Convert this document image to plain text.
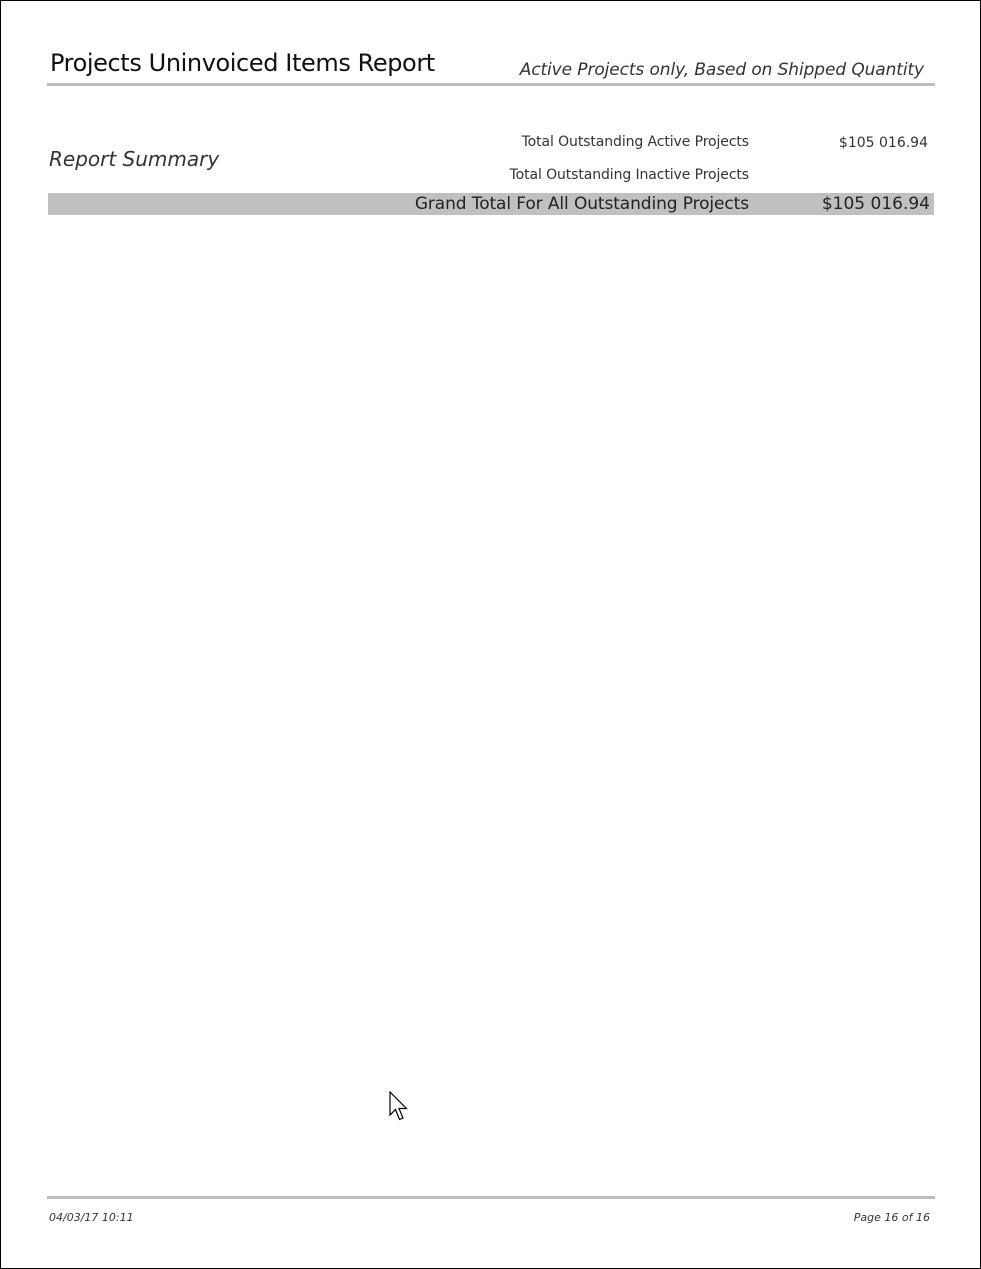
Projects Uninvoiced Items Report	Active Projects only, Based on Shipped Quantity
Report Summary
Total Outstanding Active Projects	$105 016.94
Total Outstanding Inactive Projects
Grand Total For All Outstanding Projects	$105 016.94
04/03/17 10:11	Page 16 of 16
